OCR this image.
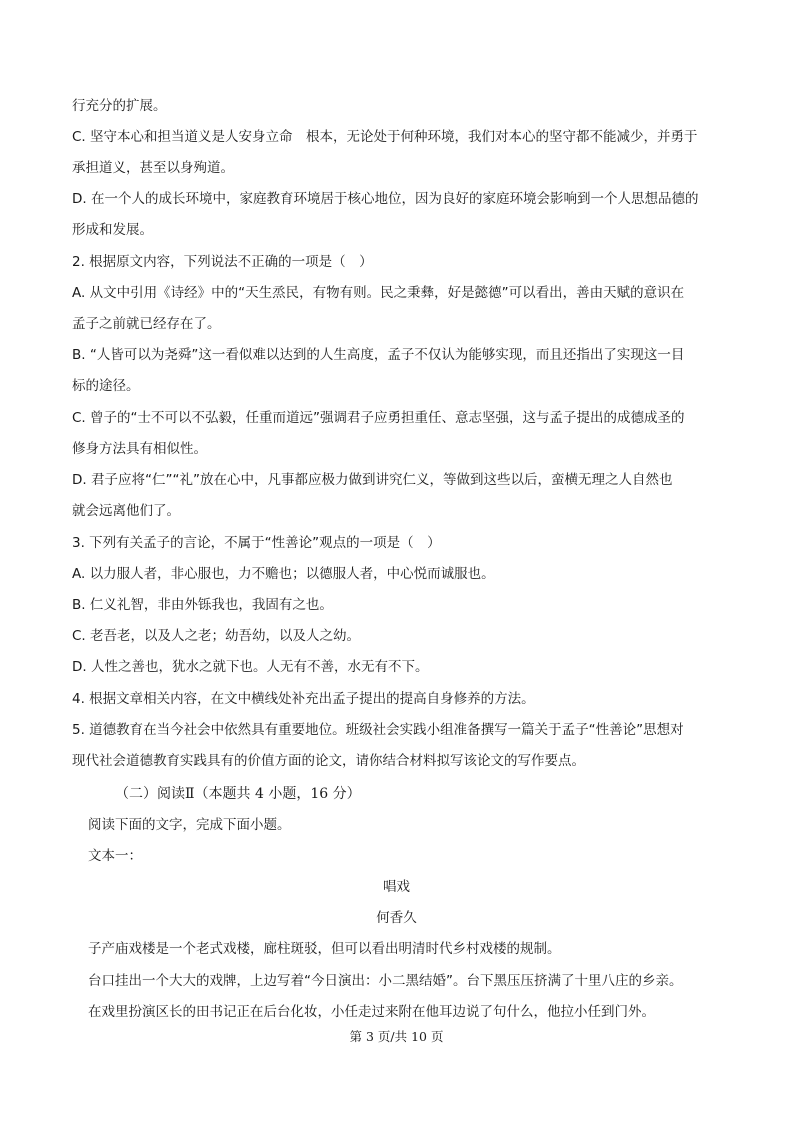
行充分的扩展。
C. 坚守本心和担当道义是人安身立命　根本，无论处于何种环境，我们对本心的坚守都不能减少，并勇于
承担道义，甚至以身殉道。
D. 在一个人的成长环境中，家庭教育环境居于核心地位，因为良好的家庭环境会影响到一个人思想品德的
形成和发展。
2. 根据原文内容，下列说法不正确的一项是（　）
A. 从文中引用《诗经》中的“天生烝民，有物有则。民之秉彝，好是懿德”可以看出，善由天赋的意识在
孟子之前就已经存在了。
B. “人皆可以为尧舜”这一看似难以达到的人生高度，孟子不仅认为能够实现，而且还指出了实现这一目
标的途径。
C. 曾子的“士不可以不弘毅，任重而道远”强调君子应勇担重任、意志坚强，这与孟子提出的成德成圣的
修身方法具有相似性。
D. 君子应将“仁”“礼”放在心中，凡事都应极力做到讲究仁义，等做到这些以后，蛮横无理之人自然也
就会远离他们了。
3. 下列有关孟子的言论，不属于“性善论”观点的一项是（　）
A. 以力服人者，非心服也，力不赡也；以德服人者，中心悦而诚服也。
B. 仁义礼智，非由外铄我也，我固有之也。
C. 老吾老，以及人之老；幼吾幼，以及人之幼。
D. 人性之善也，犹水之就下也。人无有不善，水无有不下。
4. 根据文章相关内容，在文中横线处补充出孟子提出的提高自身修养的方法。
5. 道德教育在当今社会中依然具有重要地位。班级社会实践小组准备撰写一篇关于孟子“性善论”思想对
现代社会道德教育实践具有的价值方面的论文，请你结合材料拟写该论文的写作要点。
（二）阅读Ⅱ（本题共 4 小题，16 分）
阅读下面的文字，完成下面小题。
文本一：
唱戏
何香久
子产庙戏楼是一个老式戏楼，廊柱斑驳，但可以看出明清时代乡村戏楼的规制。
台口挂出一个大大的戏牌，上边写着“今日演出：小二黑结婚”。台下黑压压挤满了十里八庄的乡亲。
在戏里扮演区长的田书记正在后台化妆，小任走过来附在他耳边说了句什么，他拉小任到门外。
第 3 页/共 10 页
